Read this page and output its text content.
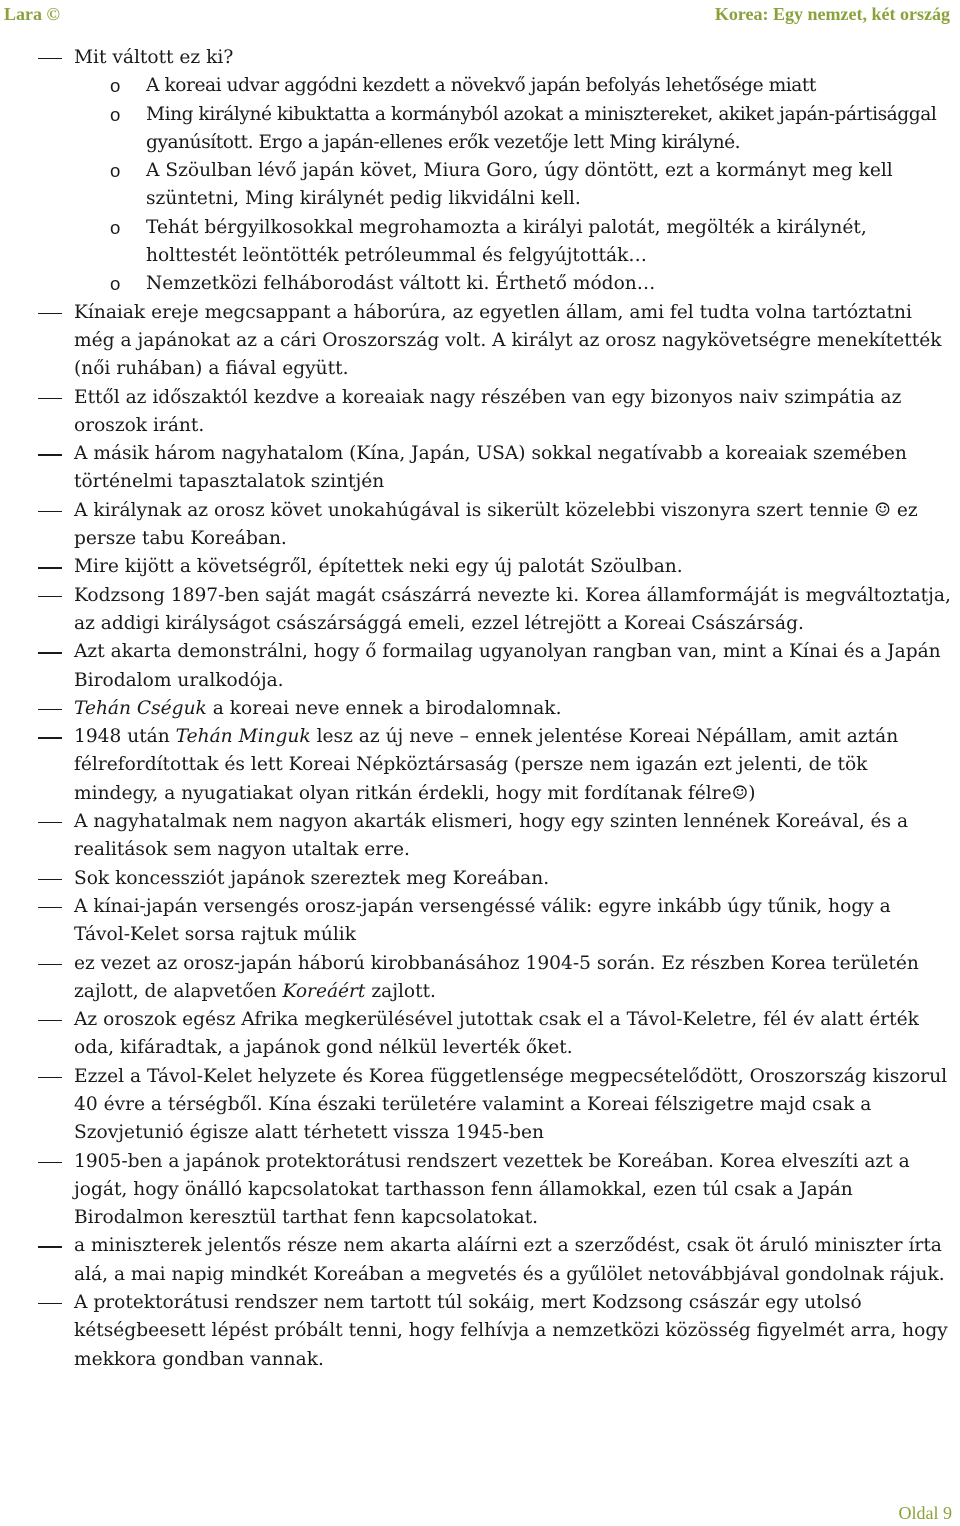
Lara ©	Korea: Egy nemzet, két ország
Mit váltott ez ki?
o A koreai udvar aggódni kezdett a növekvő japán befolyás lehetősége miatt
o Ming királyné kibuktatta a kormányból azokat a minisztereket, akiket japán-pártisággal gyanúsított. Ergo a japán-ellenes erők vezetője lett Ming királyné.
o A Szöulban lévő japán követ, Miura Goro, úgy döntött, ezt a kormányt meg kell szüntetni, Ming királynét pedig likvidálni kell.
o Tehát bérgyilkosokkal megrohamozta a királyi palotát, megölték a királynét, holttestét leöntötték petróleummal és felgyújtották…
o Nemzetközi felháborodást váltott ki. Érthető módon…
Kínaiak ereje megcsappant a háborúra, az egyetlen állam, ami fel tudta volna tartóztatni még a japánokat az a cári Oroszország volt. A királyt az orosz nagykövetségre menekítették (női ruhában) a fiával együtt.
Ettől az időszaktól kezdve a koreaiak nagy részében van egy bizonyos naiv szimpátia az oroszok iránt.
A másik három nagyhatalom (Kína, Japán, USA) sokkal negatívabb a koreaiak szemében történelmi tapasztalatok szintjén
A királynak az orosz követ unokahúgával is sikerült közelebbi viszonyra szert tennie ☺ ez persze tabu Koreában.
Mire kijött a követségről, építettek neki egy új palotát Szöulban.
Kodzsong 1897-ben saját magát császárrá nevezte ki. Korea államformáját is megváltoztatja, az addigi királyságot császársággá emeli, ezzel létrejött a Koreai Császárság.
Azt akarta demonstrálni, hogy ő formailag ugyanolyan rangban van, mint a Kínai és a Japán Birodalom uralkodója.
Tehán Cséguk a koreai neve ennek a birodalomnak.
1948 után Tehán Minguk lesz az új neve – ennek jelentése Koreai Népállam, amit aztán félrefordítottak és lett Koreai Népköztársaság (persze nem igazán ezt jelenti, de tök mindegy, a nyugatiakat olyan ritkán érdekli, hogy mit fordítanak félre☺)
A nagyhatalmak nem nagyon akarták elismeri, hogy egy szinten lennének Koreával, és a realitások sem nagyon utaltak erre.
Sok koncessziót japánok szereztek meg Koreában.
A kínai-japán versengés orosz-japán versengéssé válik: egyre inkább úgy tűnik, hogy a Távol-Kelet sorsa rajtuk múlik
ez vezet az orosz-japán háború kirobbanásához 1904-5 során. Ez részben Korea területén zajlott, de alapvetően Koreáért zajlott.
Az oroszok egész Afrika megkerülésével jutottak csak el a Távol-Keletre, fél év alatt érték oda, kifáradtak, a japánok gond nélkül leverték őket.
Ezzel a Távol-Kelet helyzete és Korea függetlensége megpecsételődött, Oroszország kiszorul 40 évre a térségből. Kína északi területére valamint a Koreai félszigetre majd csak a Szovjetunió égisze alatt térhetett vissza 1945-ben
1905-ben a japánok protektorátusi rendszert vezettek be Koreában. Korea elveszíti azt a jogát, hogy önálló kapcsolatokat tarthasson fenn államokkal, ezen túl csak a Japán Birodalmon keresztül tarthat fenn kapcsolatokat.
a miniszterek jelentős része nem akarta aláírni ezt a szerződést, csak öt áruló miniszter írta alá, a mai napig mindkét Koreában a megvetés és a gyűlölet netovábbjával gondolnak rájuk.
A protektorátusi rendszer nem tartott túl sokáig, mert Kodzsong császár egy utolsó kétségbeesett lépést próbált tenni, hogy felhívja a nemzetközi közösség figyelmét arra, hogy mekkora gondban vannak.
Oldal 9
